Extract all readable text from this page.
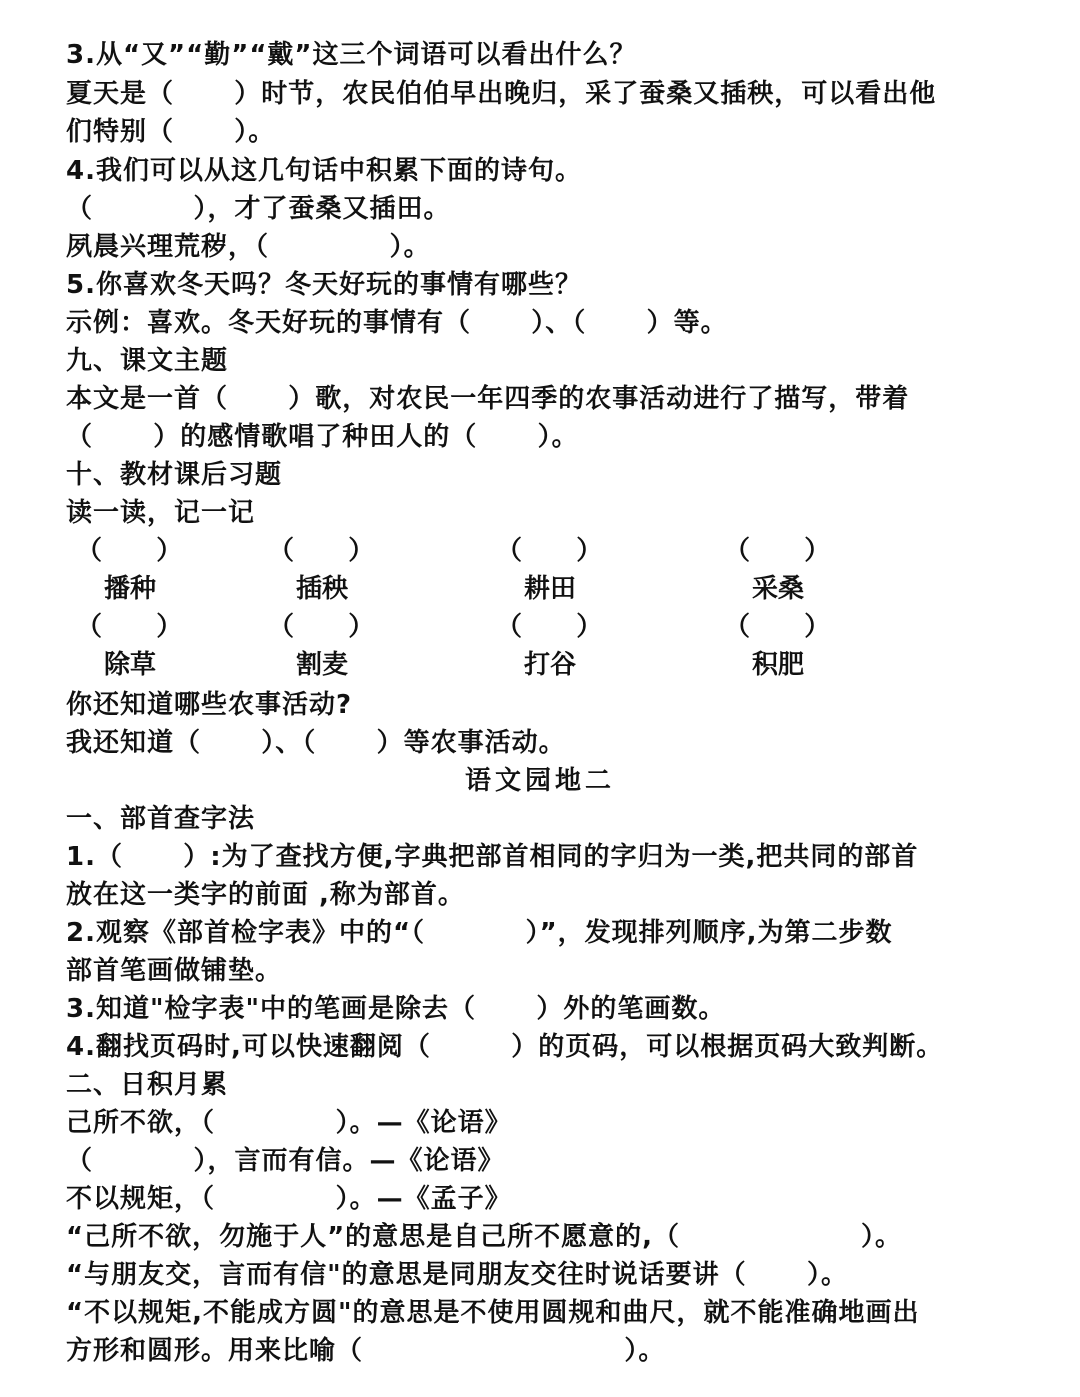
3.从“又”“勤”“戴”这三个词语可以看出什么？
夏天是（      ）时节，农民伯伯早出晚归，采了蚕桑又插秧，可以看出他
们特别（      ）。
4.我们可以从这几句话中积累下面的诗句。
（          ），才了蚕桑又插田。
夙晨兴理荒秽，（            ）。
5.你喜欢冬天吗？冬天好玩的事情有哪些？
示例：喜欢。冬天好玩的事情有（      ）、（      ）等。
九、课文主题
本文是一首（      ）歌，对农民一年四季的农事活动进行了描写，带着
（      ）的感情歌唱了种田人的（      ）。
十、教材课后习题
读一读，记一记
（      ）	（      ）	（      ）	（      ）
播种	插秧	耕田	采桑
（      ）	（      ）	（      ）	（      ）
除草	割麦	打谷	积肥
你还知道哪些农事活动?
我还知道（      ）、（      ）等农事活动。
语文园地二
一、部首查字法
1.（      ）:为了查找方便,字典把部首相同的字归为一类,把共同的部首
放在这一类字的前面 ,称为部首。
2.观察《部首检字表》中的“（          ）”，发现排列顺序,为第二步数
部首笔画做铺垫。
3.知道"检字表"中的笔画是除去（      ）外的笔画数。
4.翻找页码时,可以快速翻阅（        ）的页码，可以根据页码大致判断。
二、日积月累
己所不欲，（            ）。—《论语》
（          ），言而有信。—《论语》
不以规矩，（            ）。—《孟子》
“己所不欲，勿施于人”的意思是自己所不愿意的,（                  ）。
“与朋友交，言而有信"的意思是同朋友交往时说话要讲（      ）。
“不以规矩,不能成方圆"的意思是不使用圆规和曲尺，就不能准确地画出
方形和圆形。用来比喻（                          ）。
